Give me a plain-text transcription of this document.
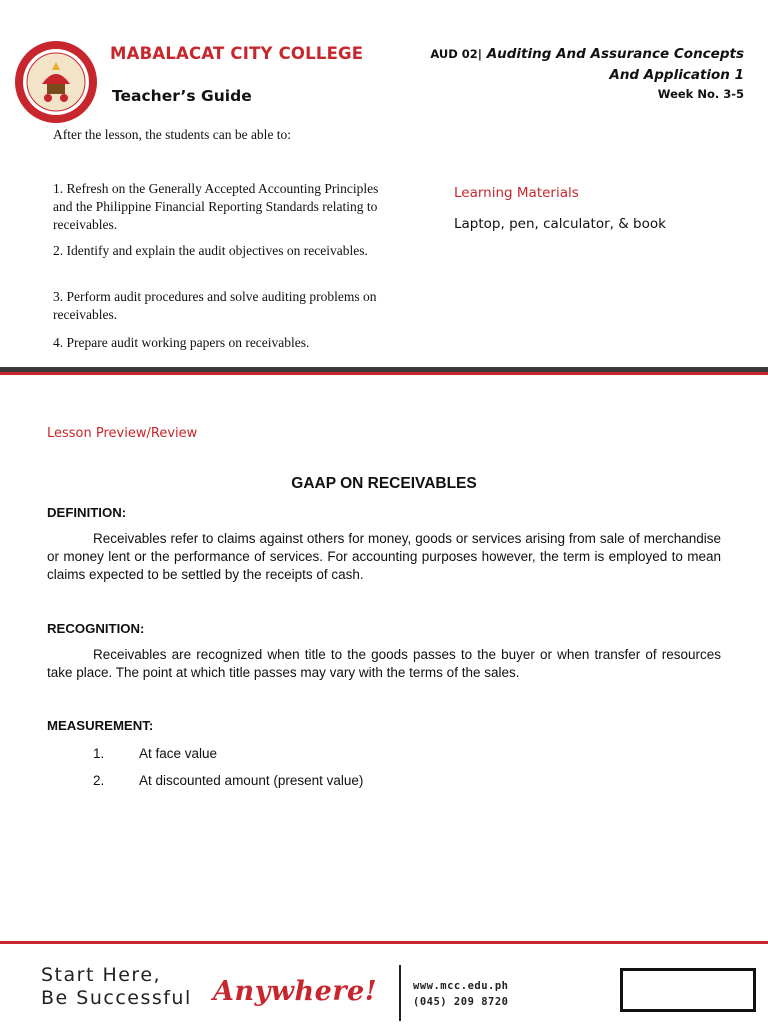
MABALACAT CITY COLLEGE
Teacher’s Guide
AUD 02| Auditing And Assurance Concepts
And Application 1
Week No. 3-5
After the lesson, the students can be able to:
1. Refresh on the Generally Accepted Accounting Principles and the Philippine Financial Reporting Standards relating to receivables.
2. Identify and explain the audit objectives on receivables.
3. Perform audit procedures and solve auditing problems on receivables.
4. Prepare audit working papers on receivables.
Learning Materials
Laptop, pen, calculator, & book
Lesson Preview/Review
GAAP ON RECEIVABLES
DEFINITION:

Receivables refer to claims against others for money, goods or services arising from sale of merchandise or money lent or the performance of services. For accounting purposes however, the term is employed to mean claims expected to be settled by the receipts of cash.

RECOGNITION:

Receivables are recognized when title to the goods passes to the buyer or when transfer of resources take place. The point at which title passes may vary with the terms of the sales.

MEASUREMENT:
1.	At face value
2.	At discounted amount (present value)
Start Here,
Be Successful Anywhere!	www.mcc.edu.ph
(045) 209 8720
